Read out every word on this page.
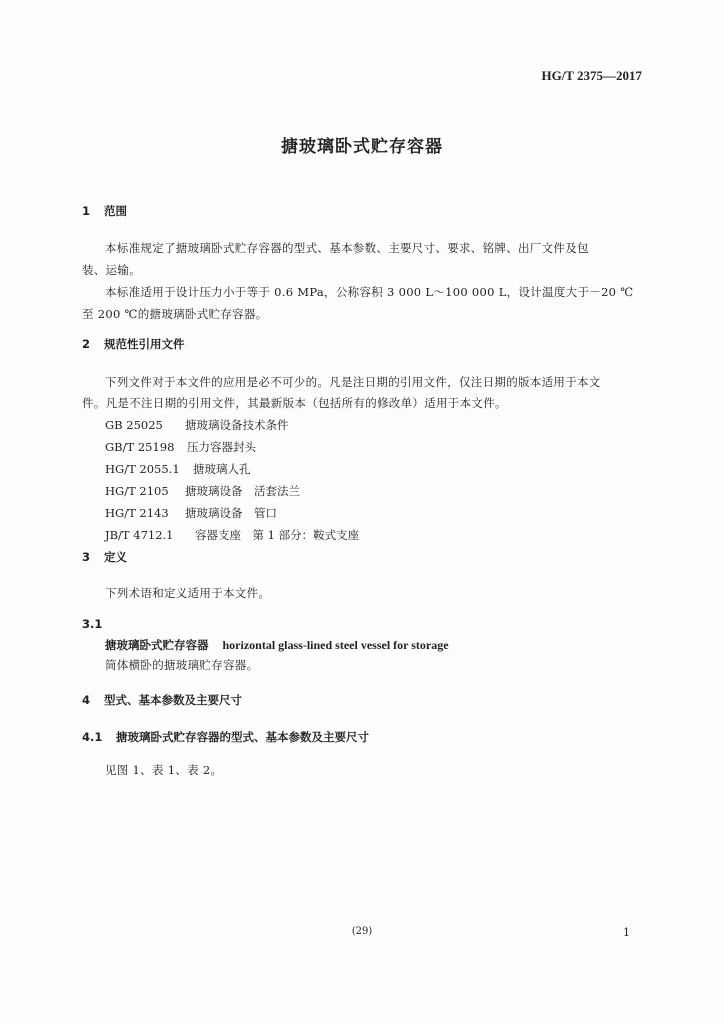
HG/T 2375—2017
搪玻璃卧式贮存容器
1 范围
本标准规定了搪玻璃卧式贮存容器的型式、基本参数、主要尺寸、要求、铭牌、出厂文件及包
装、运输。
本标准适用于设计压力小于等于 0.6 MPa，公称容积 3 000 L～100 000 L，设计温度大于－20 ℃
至 200 ℃的搪玻璃卧式贮存容器。
2 规范性引用文件
下列文件对于本文件的应用是必不可少的。凡是注日期的引用文件，仅注日期的版本适用于本文
件。凡是不注日期的引用文件，其最新版本（包括所有的修改单）适用于本文件。
GB 25025 搪玻璃设备技术条件
GB/T 25198 压力容器封头
HG/T 2055.1 搪玻璃人孔
HG/T 2105 搪玻璃设备　活套法兰
HG/T 2143 搪玻璃设备　管口
JB/T 4712.1 容器支座　第 1 部分：鞍式支座
3 定义
下列术语和定义适用于本文件。
3.1
搪玻璃卧式贮存容器 horizontal glass-lined steel vessel for storage
筒体横卧的搪玻璃贮存容器。
4 型式、基本参数及主要尺寸
4.1 搪玻璃卧式贮存容器的型式、基本参数及主要尺寸
见图 1、表 1、表 2。
(29)	1
